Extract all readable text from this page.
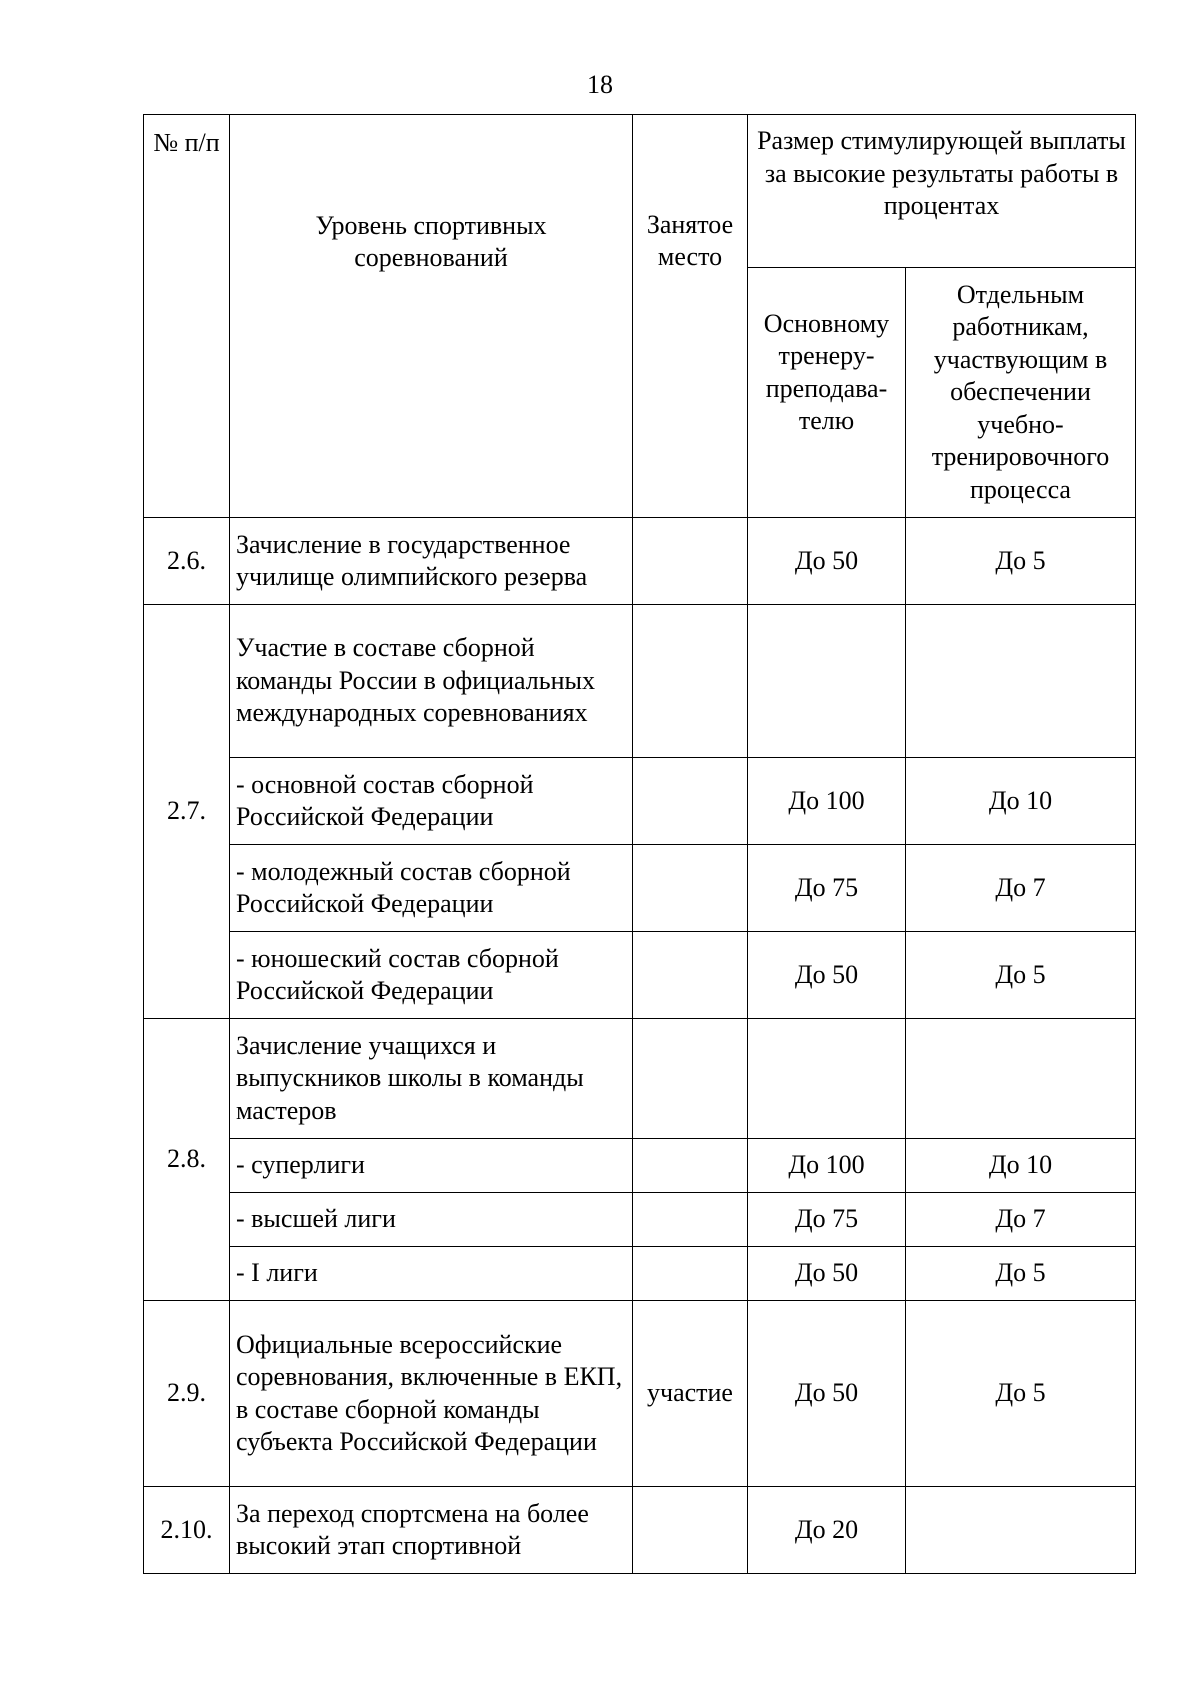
18
№ п/п	Уровень спортивных соревнований	Занятое место	Размер стимулирующей выплаты за высокие результаты работы в процентах	
			Основному тренеру-преподава-телю	Отдельным работникам, участвующим в обеспечении учебно-тренировочного процесса
2.6.	Зачисление в государственное училище олимпийского резерва		До 50	До 5
2.7.	Участие в составе сборной команды России в официальных международных соревнованиях			
	- основной состав сборной Российской Федерации		До 100	До 10
	- молодежный состав сборной Российской Федерации		До 75	До 7
	- юношеский состав сборной Российской Федерации		До 50	До 5
2.8.	Зачисление учащихся и выпускников школы в команды мастеров			
	- суперлиги		До 100	До 10
	- высшей лиги		До 75	До 7
	- I лиги		До 50	До 5
2.9.	Официальные всероссийские соревнования, включенные в ЕКП, в составе сборной команды субъекта Российской Федерации	участие	До 50	До 5
2.10.	За переход спортсмена на более высокий этап спортивной		До 20	
